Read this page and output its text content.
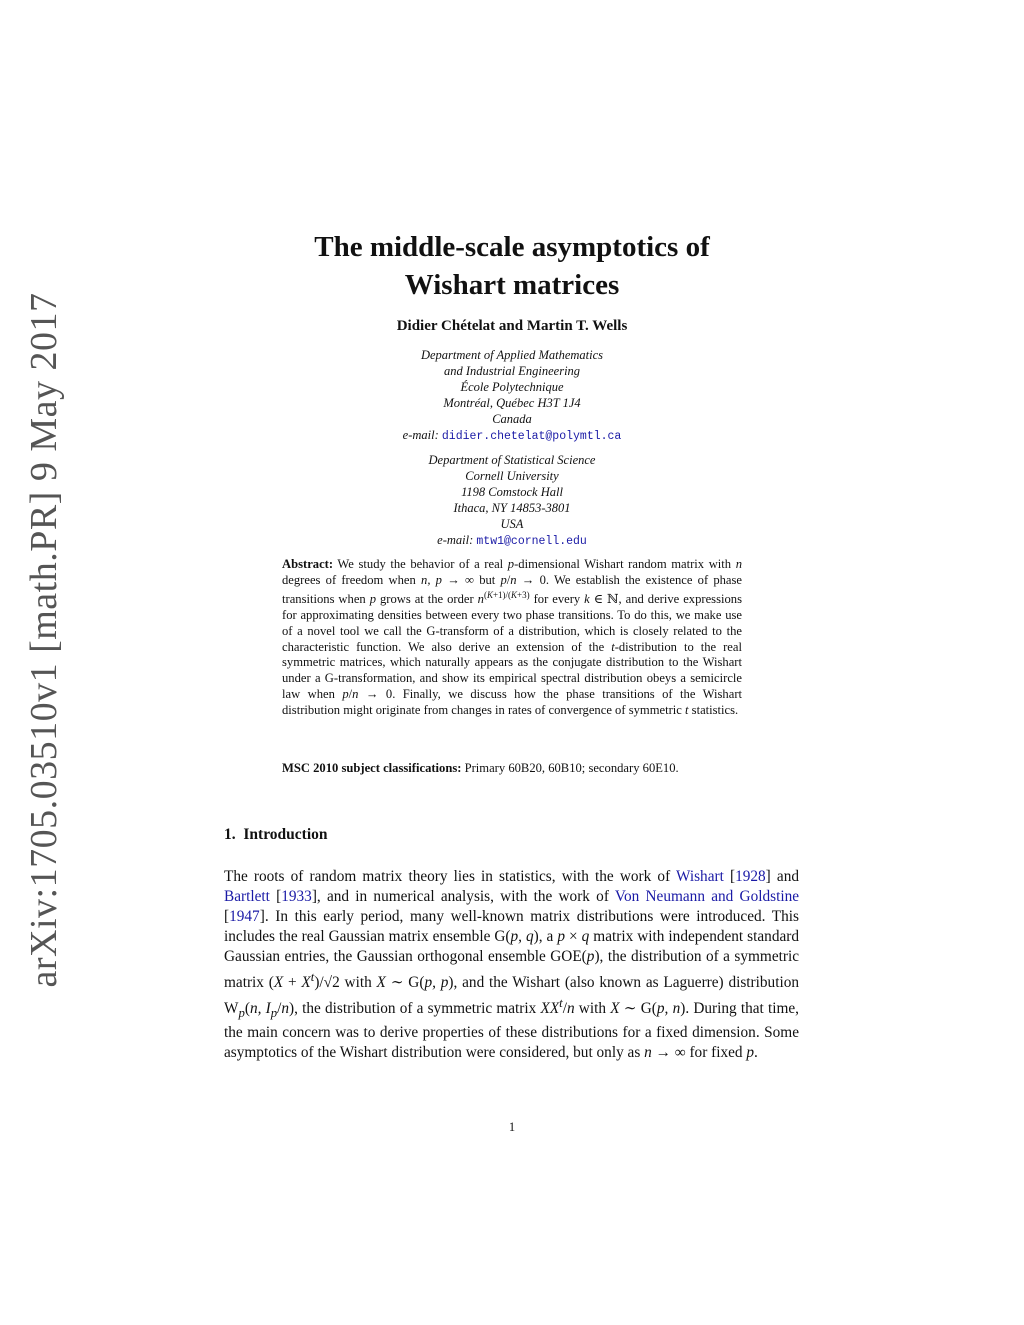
arXiv:1705.03510v1 [math.PR] 9 May 2017
The middle-scale asymptotics of
Wishart matrices
Didier Chételat and Martin T. Wells
Department of Applied Mathematics
and Industrial Engineering
École Polytechnique
Montréal, Québec H3T 1J4
Canada
e-mail: didier.chetelat@polymtl.ca
Department of Statistical Science
Cornell University
1198 Comstock Hall
Ithaca, NY 14853-3801
USA
e-mail: mtw1@cornell.edu
Abstract: We study the behavior of a real p-dimensional Wishart random matrix with n degrees of freedom when n, p → ∞ but p/n → 0. We establish the existence of phase transitions when p grows at the order $n^{(K+1)/(K+3)}$ for every k ∈ ℕ, and derive expressions for approximating densities between every two phase transitions. To do this, we make use of a novel tool we call the G-transform of a distribution, which is closely related to the characteristic function. We also derive an extension of the t-distribution to the real symmetric matrices, which naturally appears as the conjugate distribution to the Wishart under a G-transformation, and show its empirical spectral distribution obeys a semicircle law when p/n → 0. Finally, we discuss how the phase transitions of the Wishart distribution might originate from changes in rates of convergence of symmetric t statistics.
MSC 2010 subject classifications: Primary 60B20, 60B10; secondary 60E10.
1. Introduction
The roots of random matrix theory lies in statistics, with the work of Wishart [1928] and Bartlett [1933], and in numerical analysis, with the work of Von Neumann and Goldstine [1947]. In this early period, many well-known matrix distributions were introduced. This includes the real Gaussian matrix ensemble G(p, q), a p × q matrix with independent standard Gaussian entries, the Gaussian orthogonal ensemble GOE(p), the distribution of a symmetric matrix $(X + X^t)/√2$ with X ∼ G(p, p), and the Wishart (also known as Laguerre) distribution $W_p(n$, $I_p/n$), the distribution of a symmetric matrix $XX^t/n$ with X ∼ G(p, n). During that time, the main concern was to derive properties of these distributions for a fixed dimension. Some asymptotics of the Wishart distribution were considered, but only as n → ∞ for fixed p.
1
